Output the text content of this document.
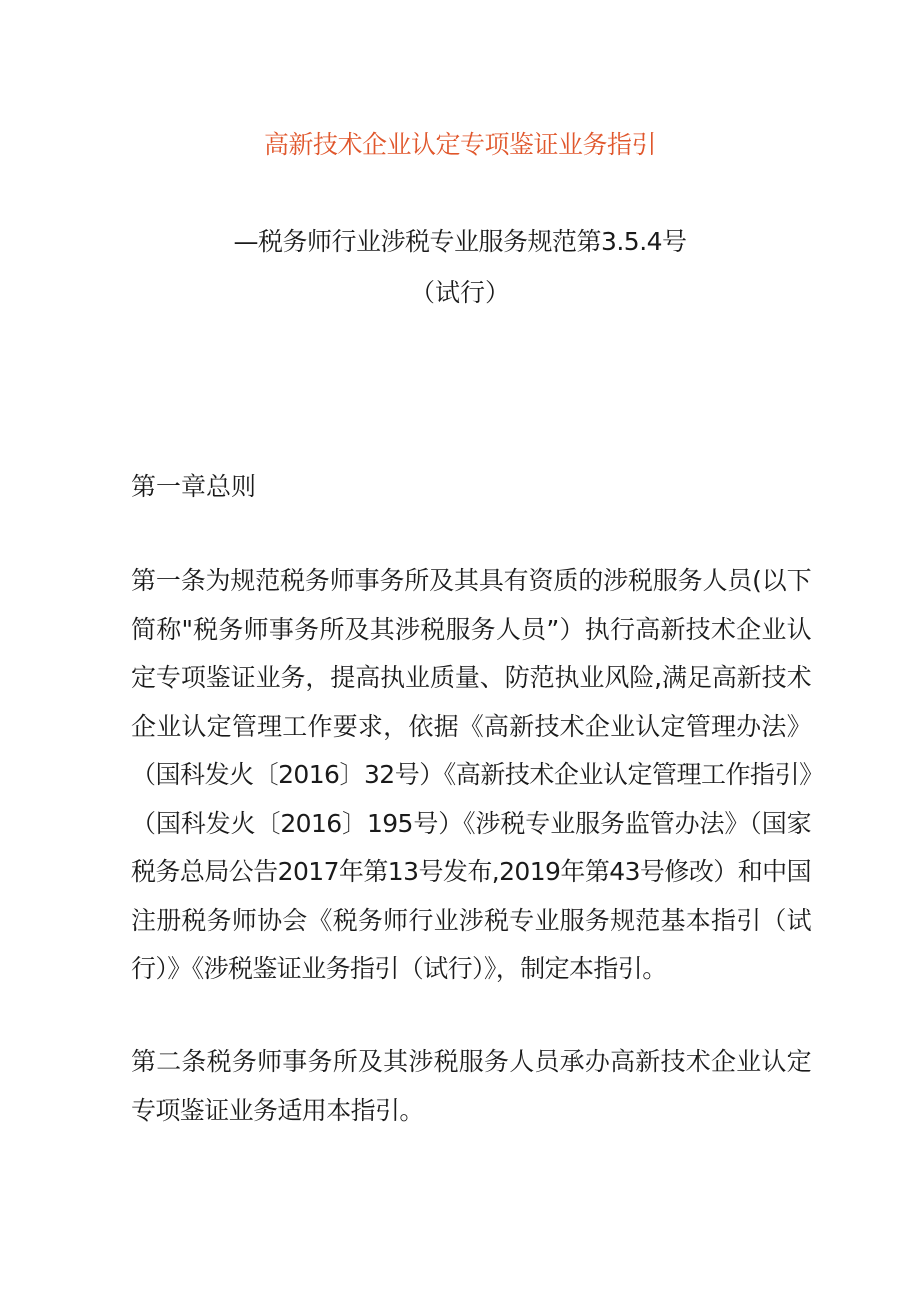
高新技术企业认定专项鉴证业务指引
—税务师行业涉税专业服务规范第3.5.4号
（试行）
第一章总则
第一条为规范税务师事务所及其具有资质的涉税服务人员(以下简称"税务师事务所及其涉税服务人员”）执行高新技术企业认定专项鉴证业务，提高执业质量、防范执业风险,满足高新技术企业认定管理工作要求，依据《高新技术企业认定管理办法》（国科发火〔2016〕32号）《高新技术企业认定管理工作指引》（国科发火〔2016〕195号）《涉税专业服务监管办法》（国家税务总局公告2017年第13号发布,2019年第43号修改）和中国注册税务师协会《税务师行业涉税专业服务规范基本指引（试行）》《涉税鉴证业务指引（试行）》，制定本指引。
第二条税务师事务所及其涉税服务人员承办高新技术企业认定专项鉴证业务适用本指引。
